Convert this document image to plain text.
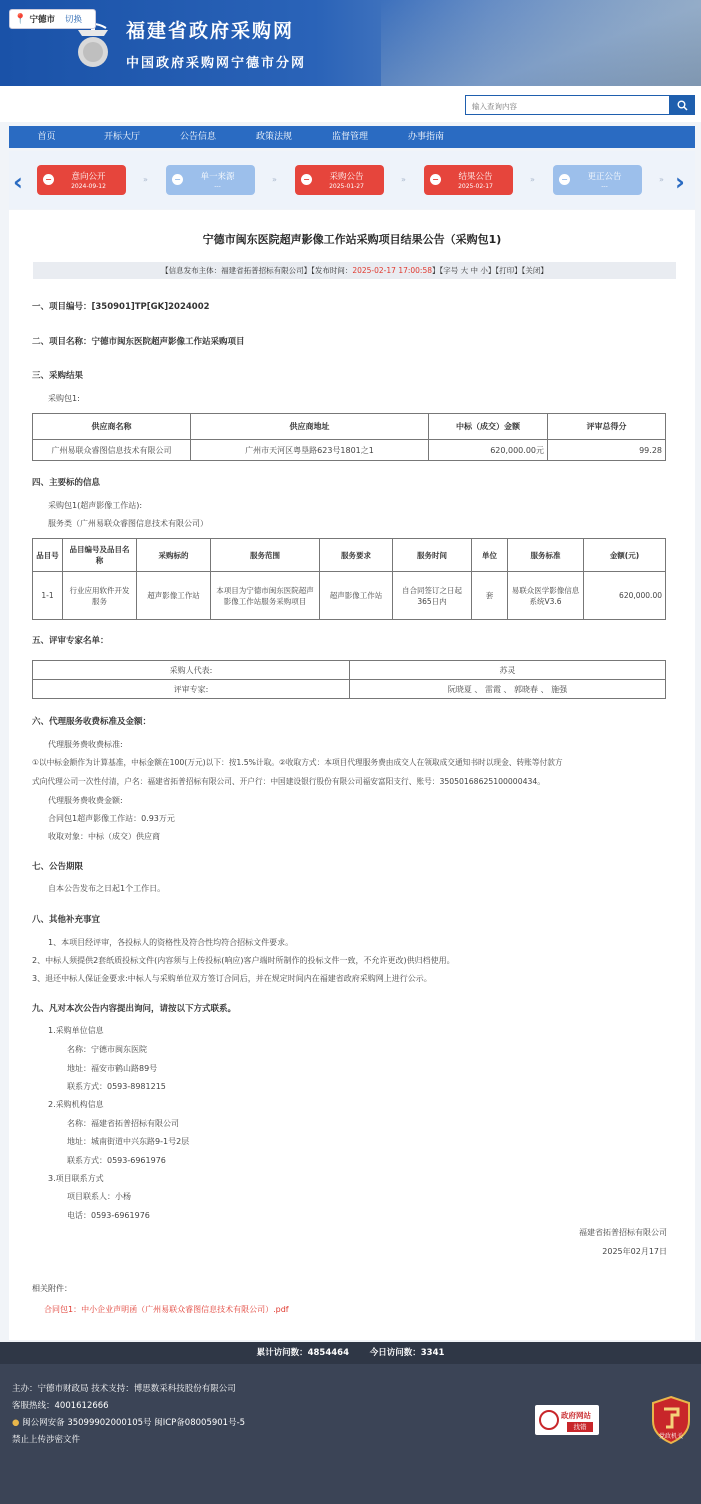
福建省政府采购网
中国政府采购网宁德市分网
📍 宁德市 切换
输入查询内容
首页	开标大厅	公告信息	政策法规	监督管理	办事指南
‹	−	意向公开
2024-09-12
»	−	单一来源
---
»	−	采购公告
2025-01-27
»	−	结果公告
2025-02-17
»	−	更正公告
---
» ›
宁德市闽东医院超声影像工作站采购项目结果公告（采购包1)
【信息发布主体：福建省拓普招标有限公司】【发布时间：2025-02-17 17:00:58】【字号 大 中 小】【打印】【关闭】
一、项目编号：[350901]TP[GK]2024002
二、项目名称：宁德市闽东医院超声影像工作站采购项目
三、采购结果
采购包1:
供应商名称	供应商地址	中标（成交）金额	评审总得分
广州易联众睿图信息技术有限公司	广州市天河区粤垦路623号1801之1	620,000.00元	99.28
四、主要标的信息
采购包1(超声影像工作站):
服务类（广州易联众睿图信息技术有限公司）
品目号	品目编号及品目名称	采购标的	服务范围	服务要求	服务时间	单位	服务标准	金额(元)
1-1	行业应用软件开发服务	超声影像工作站	本项目为宁德市闽东医院超声影像工作站服务采购项目	超声影像工作站	自合同签订之日起365日内	套	易联众医学影像信息系统V3.6	620,000.00
五、评审专家名单：
采购人代表:	苏灵
评审专家:	阮晓夏 、 雷霞 、 郭晓春 、 施强
六、代理服务收费标准及金额：
代理服务费收费标准:
①以中标金额作为计算基准，中标金额在100(万元)以下：按1.5%计取。②收取方式：本项目代理服务费由成交人在领取成交通知书时以现金、转账等付款方
式向代理公司一次性付清，户名：福建省拓普招标有限公司、开户行：中国建设银行股份有限公司福安富阳支行、账号：35050168625100000434。
代理服务费收费金额:
合同包1超声影像工作站：0.93万元
收取对象：中标（成交）供应商
七、公告期限
自本公告发布之日起1个工作日。
八、其他补充事宜
1、本项目经评审，各投标人的资格性及符合性均符合招标文件要求。
2、中标人须提供2套纸质投标文件(内容须与上传投标(响应)客户端时所制作的投标文件一致，不允许更改)供归档使用。
3、退还中标人保证金要求:中标人与采购单位双方签订合同后，并在规定时间内在福建省政府采购网上进行公示。
九、凡对本次公告内容提出询问，请按以下方式联系。
1.采购单位信息
名称：宁德市闽东医院
地址：福安市鹤山路89号
联系方式：0593-8981215
2.采购机构信息
名称：福建省拓普招标有限公司
地址：城南街道中兴东路9-1号2层
联系方式：0593-6961976
3.项目联系方式
项目联系人：小杨
电话：0593-6961976
福建省拓普招标有限公司
2025年02月17日
相关附件：
合同包1：中小企业声明函（广州易联众睿图信息技术有限公司）.pdf
累计访问数：4854464 今日访问数：3341
主办：宁德市财政局 技术支持：博思数采科技股份有限公司
客服热线：4001612666
● 闽公网安备 35099902000105号 闽ICP备08005901号-5
禁止上传涉密文件
政府网站
找错
党政机关
